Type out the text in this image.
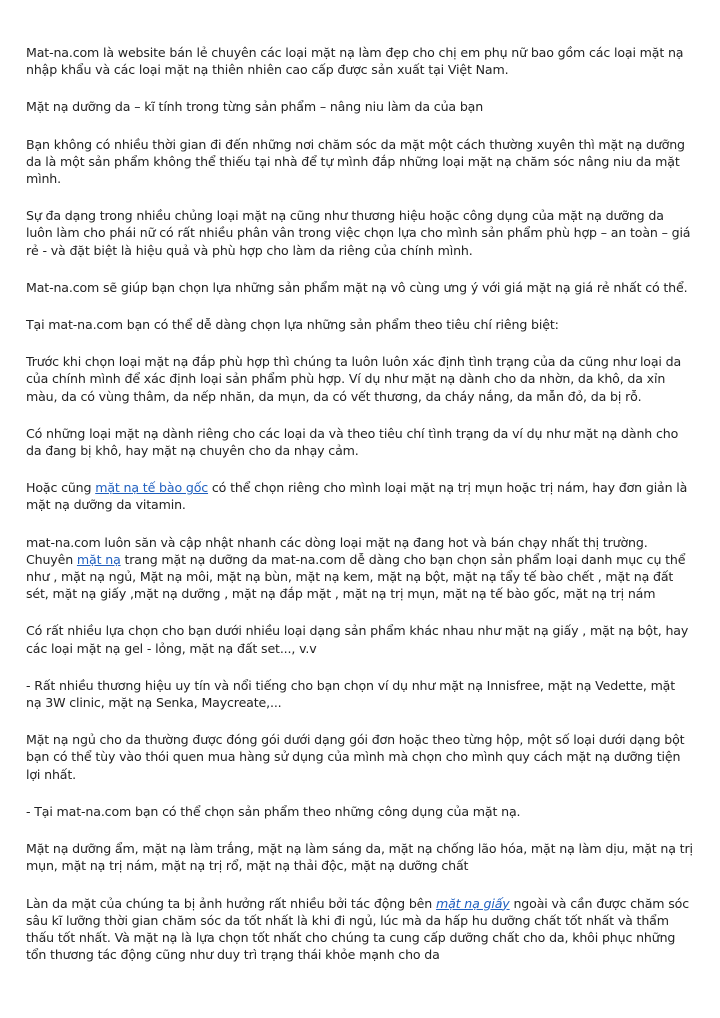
Mat-na.com là website bán lẻ chuyên các loại mặt nạ làm đẹp cho chị em phụ nữ bao gồm các loại mặt nạ nhập khẩu và các loại mặt nạ thiên nhiên cao cấp được sản xuất tại Việt Nam.

Mặt nạ dưỡng da – kĩ tính trong từng sản phẩm – nâng niu làm da của bạn

Bạn không có nhiều thời gian đi đến những nơi chăm sóc da mặt một cách thường xuyên thì mặt nạ dưỡng da là một sản phẩm không thể thiếu tại nhà để tự mình đắp những loại mặt nạ chăm sóc nâng niu da mặt mình.

Sự đa dạng trong nhiều chủng loại mặt nạ cũng như thương hiệu hoặc công dụng của mặt nạ dưỡng da luôn làm cho phái nữ có rất nhiều phân vân trong việc chọn lựa cho mình sản phẩm phù hợp – an toàn – giá rẻ - và đặt biệt là hiệu quả và phù hợp cho làm da riêng của chính mình.

Mat-na.com sẽ giúp bạn chọn lựa những sản phẩm mặt nạ vô cùng ưng ý với giá mặt nạ giá rẻ nhất có thể.

Tại mat-na.com bạn có thể dễ dàng chọn lựa những sản phẩm theo tiêu chí riêng biệt:

Trước khi chọn loại mặt nạ đắp phù hợp thì chúng ta luôn luôn xác định tình trạng của da cũng như loại da của chính mình để xác định loại sản phẩm phù hợp. Ví dụ như mặt nạ dành cho da nhờn, da khô, da xỉn màu, da có vùng thâm, da nếp nhăn, da mụn, da có vết thương, da cháy nắng, da mẫn đỏ, da bị rỗ.

Có những loại mặt nạ dành riêng cho các loại da và theo tiêu chí tình trạng da ví dụ như mặt nạ dành cho da đang bị khô, hay mặt nạ chuyên cho da nhạy cảm.

Hoặc cũng mặt nạ tế bào gốc có thể chọn riêng cho mình loại mặt nạ trị mụn hoặc trị nám, hay đơn giản là mặt nạ dưỡng da vitamin.

mat-na.com luôn săn và cập nhật nhanh các dòng loại mặt nạ đang hot và bán chạy nhất thị trường. Chuyên mặt nạ trang mặt nạ dưỡng da mat-na.com dễ dàng cho bạn chọn sản phẩm loại danh mục cụ thể như , mặt nạ ngủ, Mặt nạ môi, mặt nạ bùn, mặt nạ kem, mặt nạ bột, mặt nạ tẩy tế bào chết , mặt nạ đất sét, mặt nạ giấy ,mặt nạ dưỡng , mặt nạ đắp mặt , mặt nạ trị mụn, mặt nạ tế bào gốc, mặt nạ trị nám

Có rất nhiều lựa chọn cho bạn dưới nhiều loại dạng sản phẩm khác nhau như mặt nạ giấy , mặt nạ bột, hay các loại mặt nạ gel - lỏng, mặt nạ đất set..., v.v

- Rất nhiều thương hiệu uy tín và nổi tiếng cho bạn chọn ví dụ như mặt nạ Innisfree, mặt nạ Vedette, mặt nạ 3W clinic, mặt nạ Senka, Maycreate,...

Mặt nạ ngủ cho da thường được đóng gói dưới dạng gói đơn hoặc theo từng hộp, một số loại dưới dạng bột bạn có thể tùy vào thói quen mua hàng sử dụng của mình mà chọn cho mình quy cách mặt nạ dưỡng tiện lợi nhất.

- Tại mat-na.com bạn có thể chọn sản phẩm theo những công dụng của mặt nạ.

Mặt nạ dưỡng ẩm, mặt nạ làm trắng, mặt nạ làm sáng da, mặt nạ chống lão hóa, mặt nạ làm dịu, mặt nạ trị mụn, mặt nạ trị nám, mặt nạ trị rổ, mặt nạ thải độc, mặt nạ dưỡng chất

Làn da mặt của chúng ta bị ảnh hưởng rất nhiều bởi tác động bên mặt nạ giấy ngoài và cần được chăm sóc sâu kĩ lưỡng thời gian chăm sóc da tốt nhất là khi đi ngủ, lúc mà da hấp hu dưỡng chất tốt nhất và thẩm thấu tốt nhất. Và mặt nạ là lựa chọn tốt nhất cho chúng ta cung cấp dưỡng chất cho da, khôi phục những tổn thương tác động cũng như duy trì trạng thái khỏe mạnh cho da
